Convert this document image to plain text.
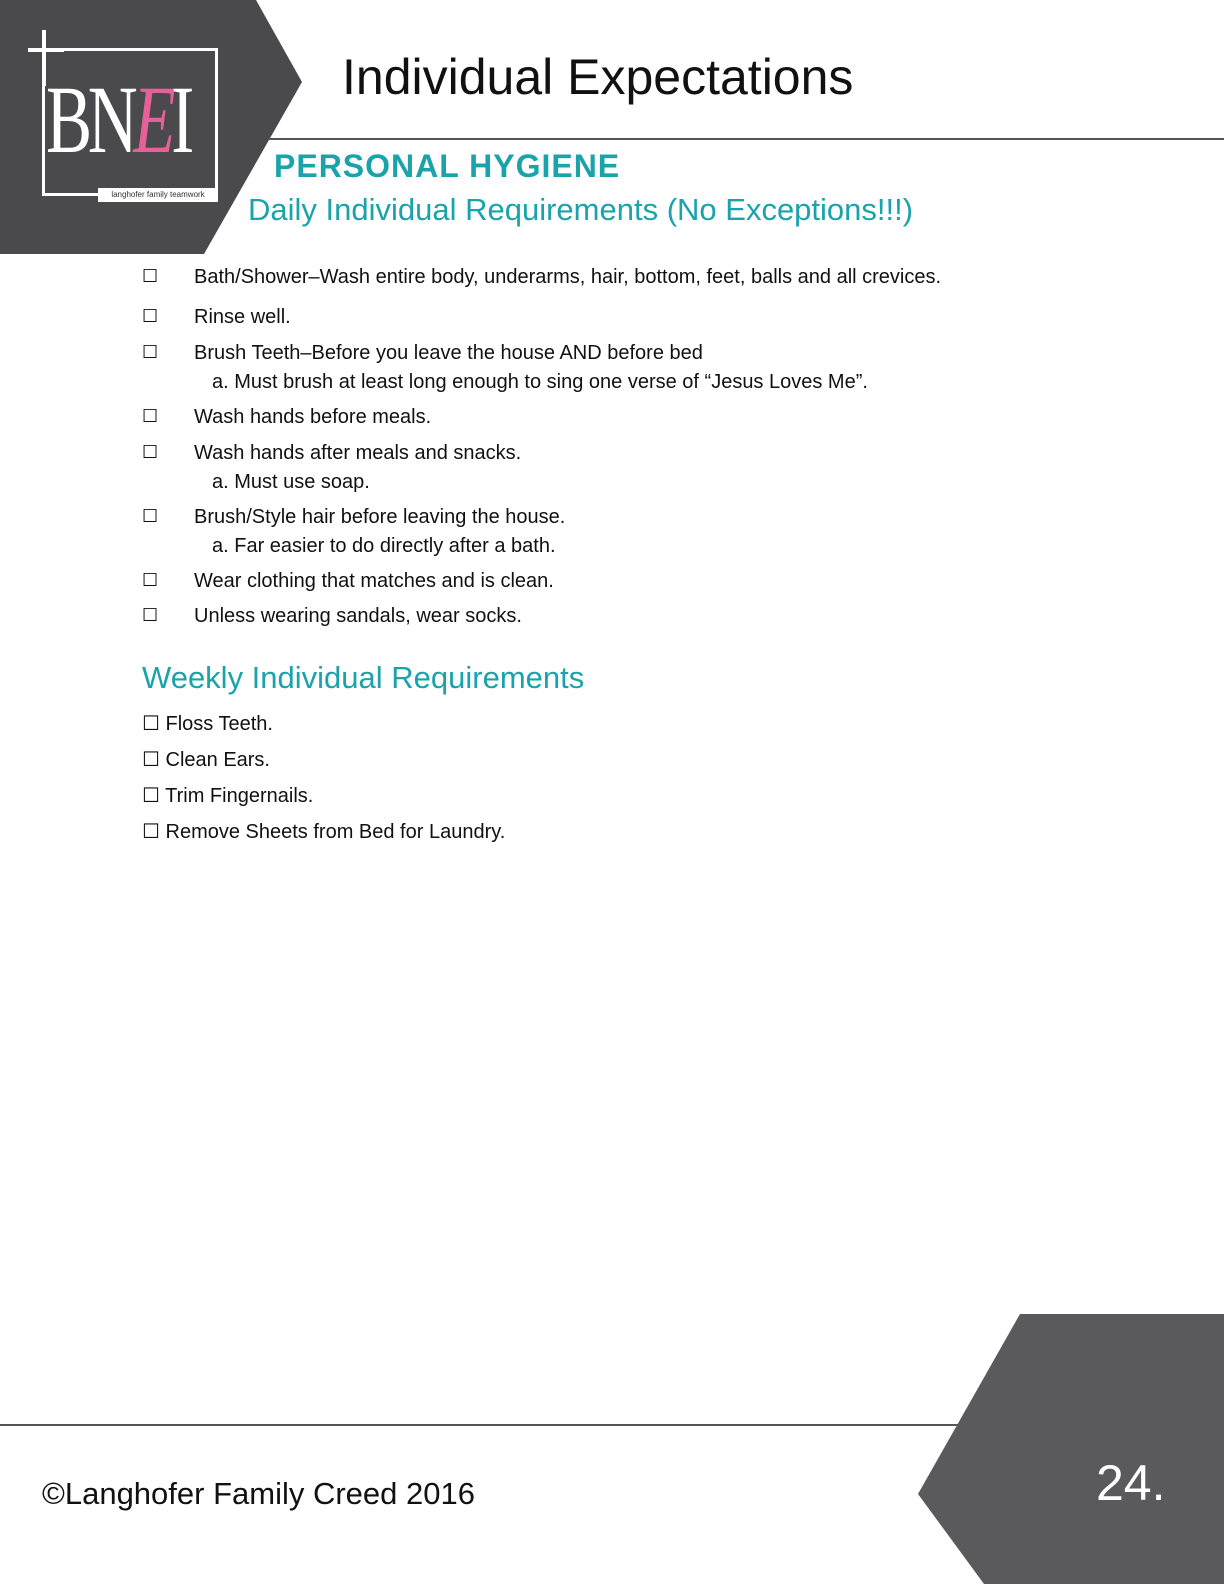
BNEI
langhofer family teamwork
Individual Expectations
PERSONAL HYGIENE
Daily Individual Requirements (No Exceptions!!!)
☐ Bath/Shower–Wash entire body, underarms, hair, bottom, feet, balls and all crevices.
☐ Rinse well.
☐ Brush Teeth–Before you leave the house AND before bed
a. Must brush at least long enough to sing one verse of “Jesus Loves Me”.
☐ Wash hands before meals.
☐ Wash hands after meals and snacks.
a. Must use soap.
☐ Brush/Style hair before leaving the house.
a. Far easier to do directly after a bath.
☐ Wear clothing that matches and is clean.
☐ Unless wearing sandals, wear socks.
Weekly Individual Requirements
☐ Floss Teeth.
☐ Clean Ears.
☐ Trim Fingernails.
☐ Remove Sheets from Bed for Laundry.
©Langhofer Family Creed 2016	24.
